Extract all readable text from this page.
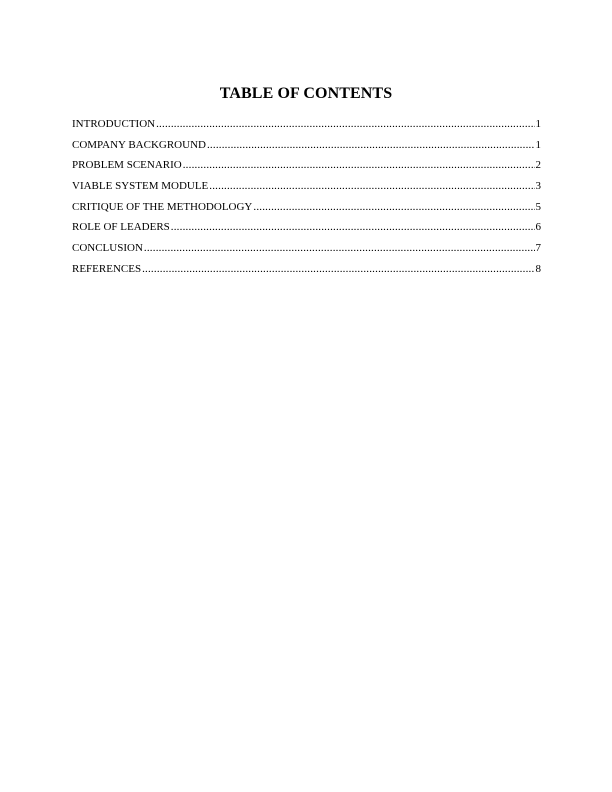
TABLE OF CONTENTS
INTRODUCTION .....	1
COMPANY BACKGROUND .....	1
PROBLEM SCENARIO .....	2
VIABLE SYSTEM MODULE .....	3
CRITIQUE OF THE METHODOLOGY .....	5
ROLE OF LEADERS .....	6
CONCLUSION .....	7
REFERENCES .....	8
